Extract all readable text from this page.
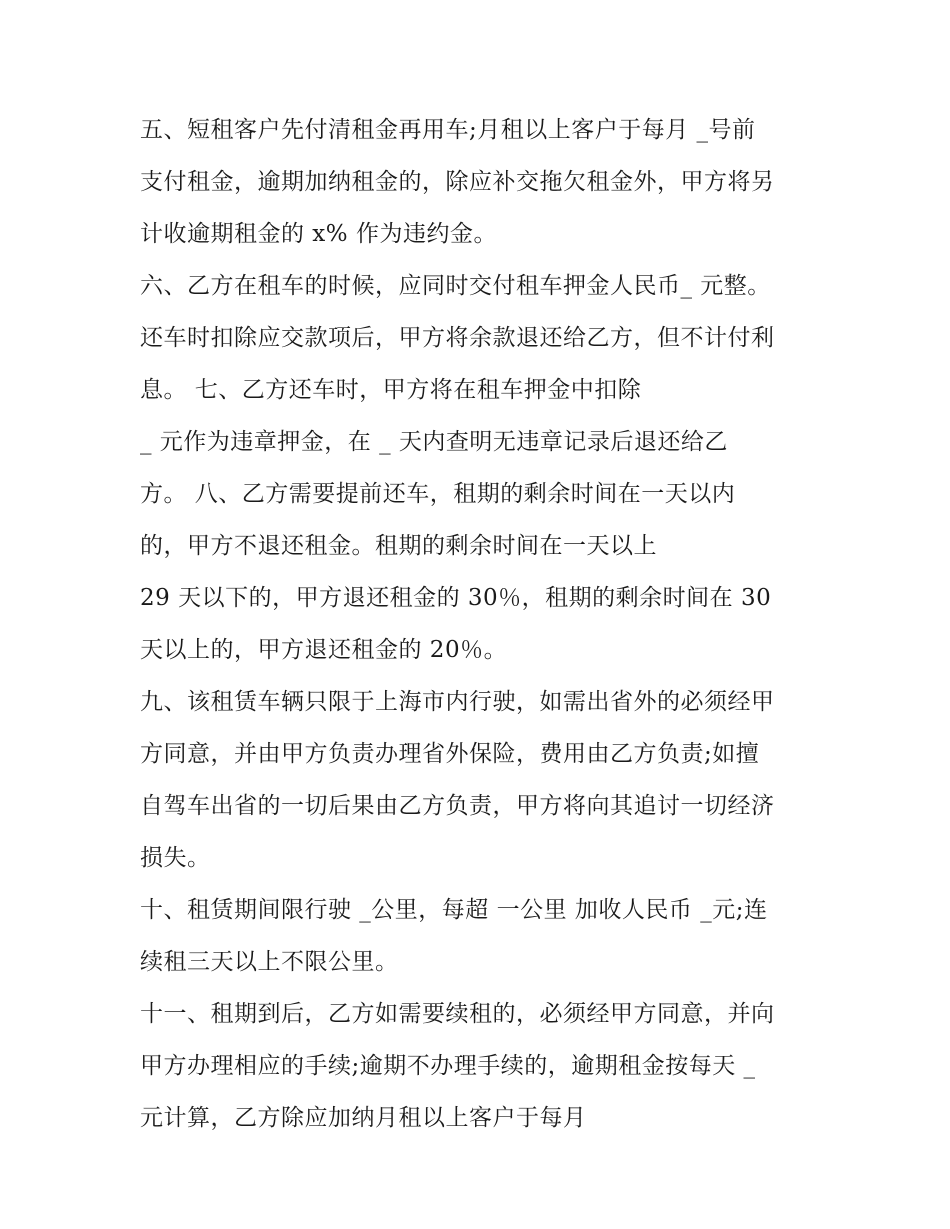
五、短租客户先付清租金再用车;月租以上客户于每月 _号前
支付租金，逾期加纳租金的，除应补交拖欠租金外，甲方将另
计收逾期租金的 x% 作为违约金。
六、乙方在租车的时候，应同时交付租车押金人民币_ 元整。
还车时扣除应交款项后，甲方将余款退还给乙方，但不计付利
息。 七、乙方还车时，甲方将在租车押金中扣除
_ 元作为违章押金，在 _ 天内查明无违章记录后退还给乙
方。 八、乙方需要提前还车，租期的剩余时间在一天以内
的，甲方不退还租金。租期的剩余时间在一天以上
29 天以下的，甲方退还租金的 30％，租期的剩余时间在 30
天以上的，甲方退还租金的 20％。
九、该租赁车辆只限于上海市内行驶，如需出省外的必须经甲
方同意，并由甲方负责办理省外保险，费用由乙方负责;如擅
自驾车出省的一切后果由乙方负责，甲方将向其追讨一切经济
损失。
十、租赁期间限行驶 _公里，每超 一公里 加收人民币 _元;连
续租三天以上不限公里。
十一、租期到后，乙方如需要续租的，必须经甲方同意，并向
甲方办理相应的手续;逾期不办理手续的，逾期租金按每天 _
元计算，乙方除应加纳月租以上客户于每月
